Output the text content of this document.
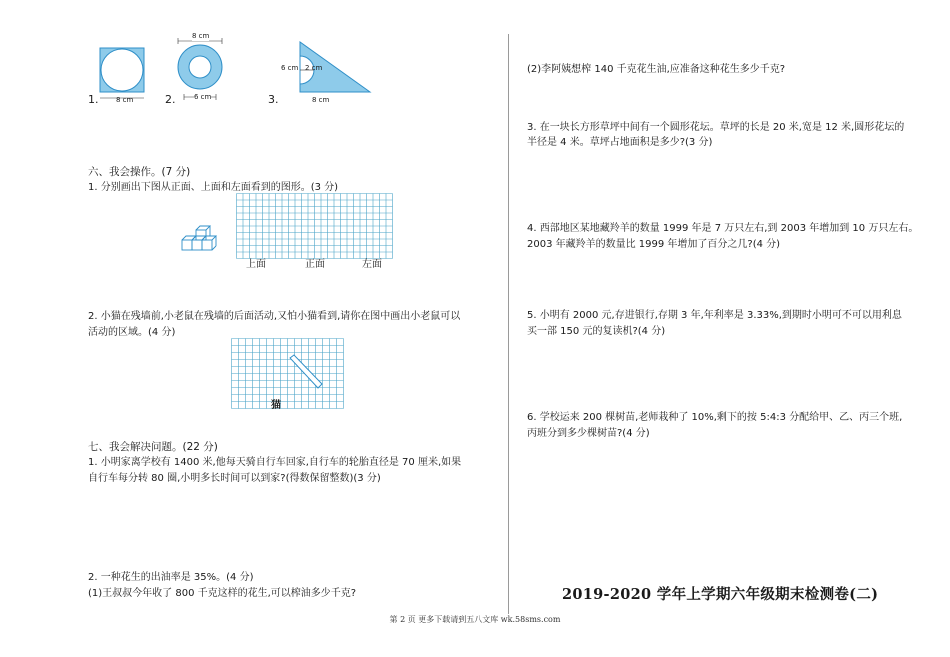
1.	8 cm
8 cm
2.	6 cm
6 cm 2 cm
3.	8 cm
六、我会操作。(7 分)
1. 分别画出下图从正面、上面和左面看到的图形。(3 分)
上面	正面	左面
2. 小猫在残墙前,小老鼠在残墙的后面活动,又怕小猫看到,请你在图中画出小老鼠可以
活动的区域。(4 分)
猫
七、我会解决问题。(22 分)
1. 小明家离学校有 1400 米,他每天骑自行车回家,自行车的轮胎直径是 70 厘米,如果
自行车每分转 80 圈,小明多长时间可以到家?(得数保留整数)(3 分)
2. 一种花生的出油率是 35%。(4 分)
(1)王叔叔今年收了 800 千克这样的花生,可以榨油多少千克?
(2)李阿姨想榨 140 千克花生油,应准备这种花生多少千克?
3. 在一块长方形草坪中间有一个圆形花坛。草坪的长是 20 米,宽是 12 米,圆形花坛的
半径是 4 米。草坪占地面积是多少?(3 分)
4. 西部地区某地藏羚羊的数量 1999 年是 7 万只左右,到 2003 年增加到 10 万只左右。
2003 年藏羚羊的数量比 1999 年增加了百分之几?(4 分)
5. 小明有 2000 元,存进银行,存期 3 年,年利率是 3.33%,到期时小明可不可以用利息
买一部 150 元的复读机?(4 分)
6. 学校运来 200 棵树苗,老师栽种了 10%,剩下的按 5:4:3 分配给甲、乙、丙三个班,
丙班分到多少棵树苗?(4 分)
2019-2020 学年上学期六年级期末检测卷(二)
第 2 页 更多下载请到五八文库 wk.58sms.com
